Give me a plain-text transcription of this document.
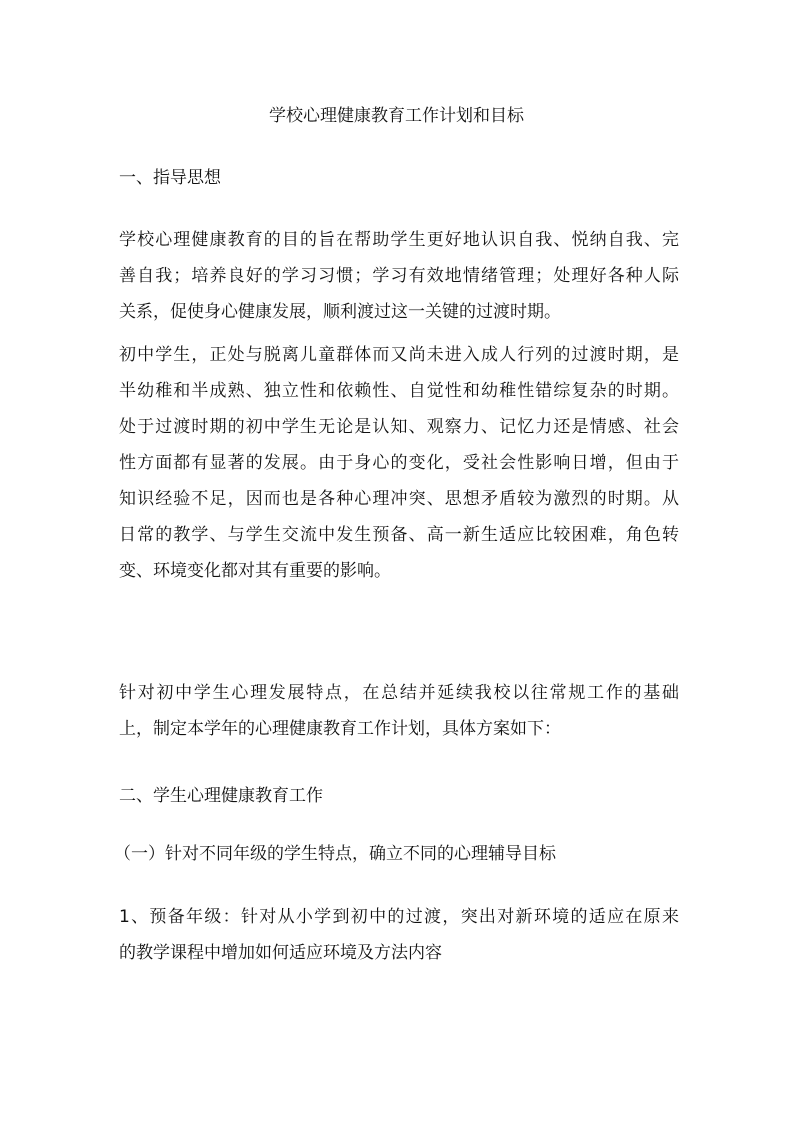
学校心理健康教育工作计划和目标
一、指导思想
学校心理健康教育的目的旨在帮助学生更好地认识自我、悦纳自我、完
善自我；培养良好的学习习惯；学习有效地情绪管理；处理好各种人际
关系，促使身心健康发展，顺利渡过这一关键的过渡时期。
初中学生，正处与脱离儿童群体而又尚未进入成人行列的过渡时期，是
半幼稚和半成熟、独立性和依赖性、自觉性和幼稚性错综复杂的时期。
处于过渡时期的初中学生无论是认知、观察力、记忆力还是情感、社会
性方面都有显著的发展。由于身心的变化，受社会性影响日增，但由于
知识经验不足，因而也是各种心理冲突、思想矛盾较为激烈的时期。从
日常的教学、与学生交流中发生预备、高一新生适应比较困难，角色转
变、环境变化都对其有重要的影响。
针对初中学生心理发展特点，在总结并延续我校以往常规工作的基础
上，制定本学年的心理健康教育工作计划，具体方案如下：
二、学生心理健康教育工作
（一）针对不同年级的学生特点，确立不同的心理辅导目标
1、预备年级：针对从小学到初中的过渡，突出对新环境的适应在原来
的教学课程中增加如何适应环境及方法内容
